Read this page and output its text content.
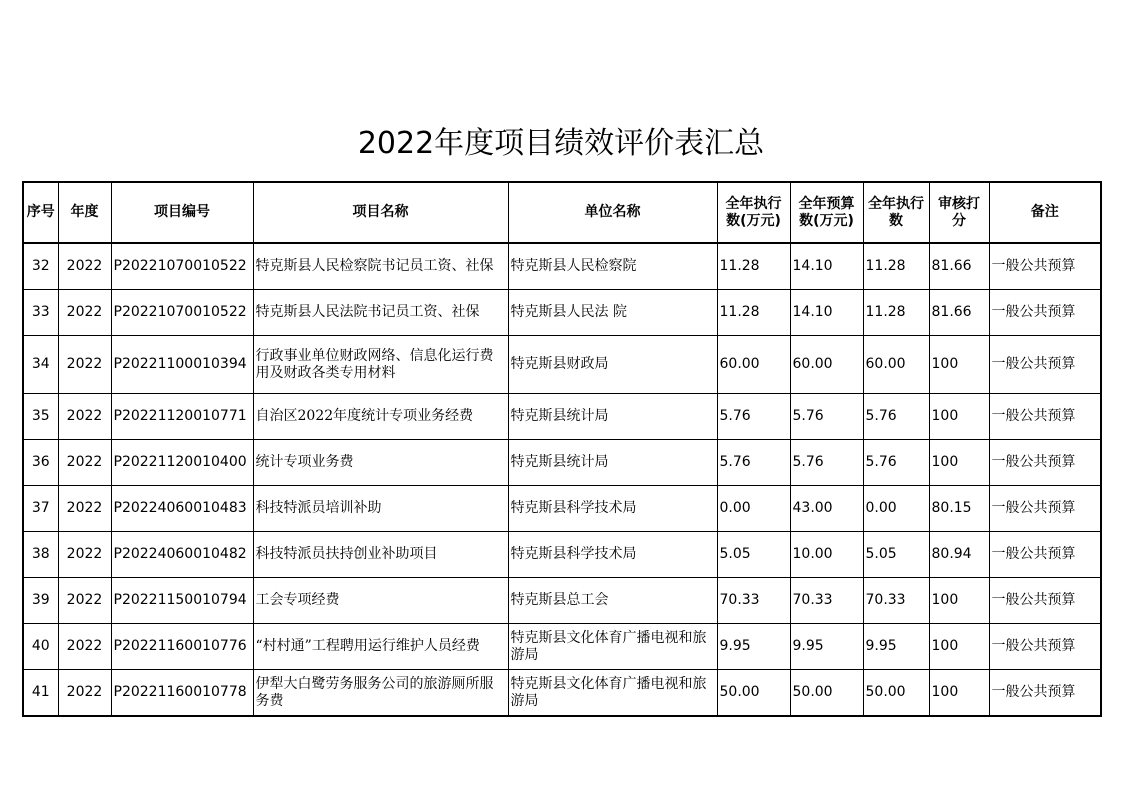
2022年度项目绩效评价表汇总
序号	年度	项目编号	项目名称	单位名称	全年执行数(万元)	全年预算数(万元)	全年执行数	审核打分	备注
32	2022	P20221070010522	特克斯县人民检察院书记员工资、社保	特克斯县人民检察院	11.28	14.10	11.28	81.66	一般公共预算
33	2022	P20221070010522	特克斯县人民法院书记员工资、社保	特克斯县人民法 院	11.28	14.10	11.28	81.66	一般公共预算
34	2022	P20221100010394	行政事业单位财政网络、信息化运行费用及财政各类专用材料	特克斯县财政局	60.00	60.00	60.00	100	一般公共预算
35	2022	P20221120010771	自治区2022年度统计专项业务经费	特克斯县统计局	5.76	5.76	5.76	100	一般公共预算
36	2022	P20221120010400	统计专项业务费	特克斯县统计局	5.76	5.76	5.76	100	一般公共预算
37	2022	P20224060010483	科技特派员培训补助	特克斯县科学技术局	0.00	43.00	0.00	80.15	一般公共预算
38	2022	P20224060010482	科技特派员扶持创业补助项目	特克斯县科学技术局	5.05	10.00	5.05	80.94	一般公共预算
39	2022	P20221150010794	工会专项经费	特克斯县总工会	70.33	70.33	70.33	100	一般公共预算
40	2022	P20221160010776	“村村通”工程聘用运行维护人员经费	特克斯县文化体育广播电视和旅游局	9.95	9.95	9.95	100	一般公共预算
41	2022	P20221160010778	伊犁大白鹭劳务服务公司的旅游厕所服务费	特克斯县文化体育广播电视和旅游局	50.00	50.00	50.00	100	一般公共预算
